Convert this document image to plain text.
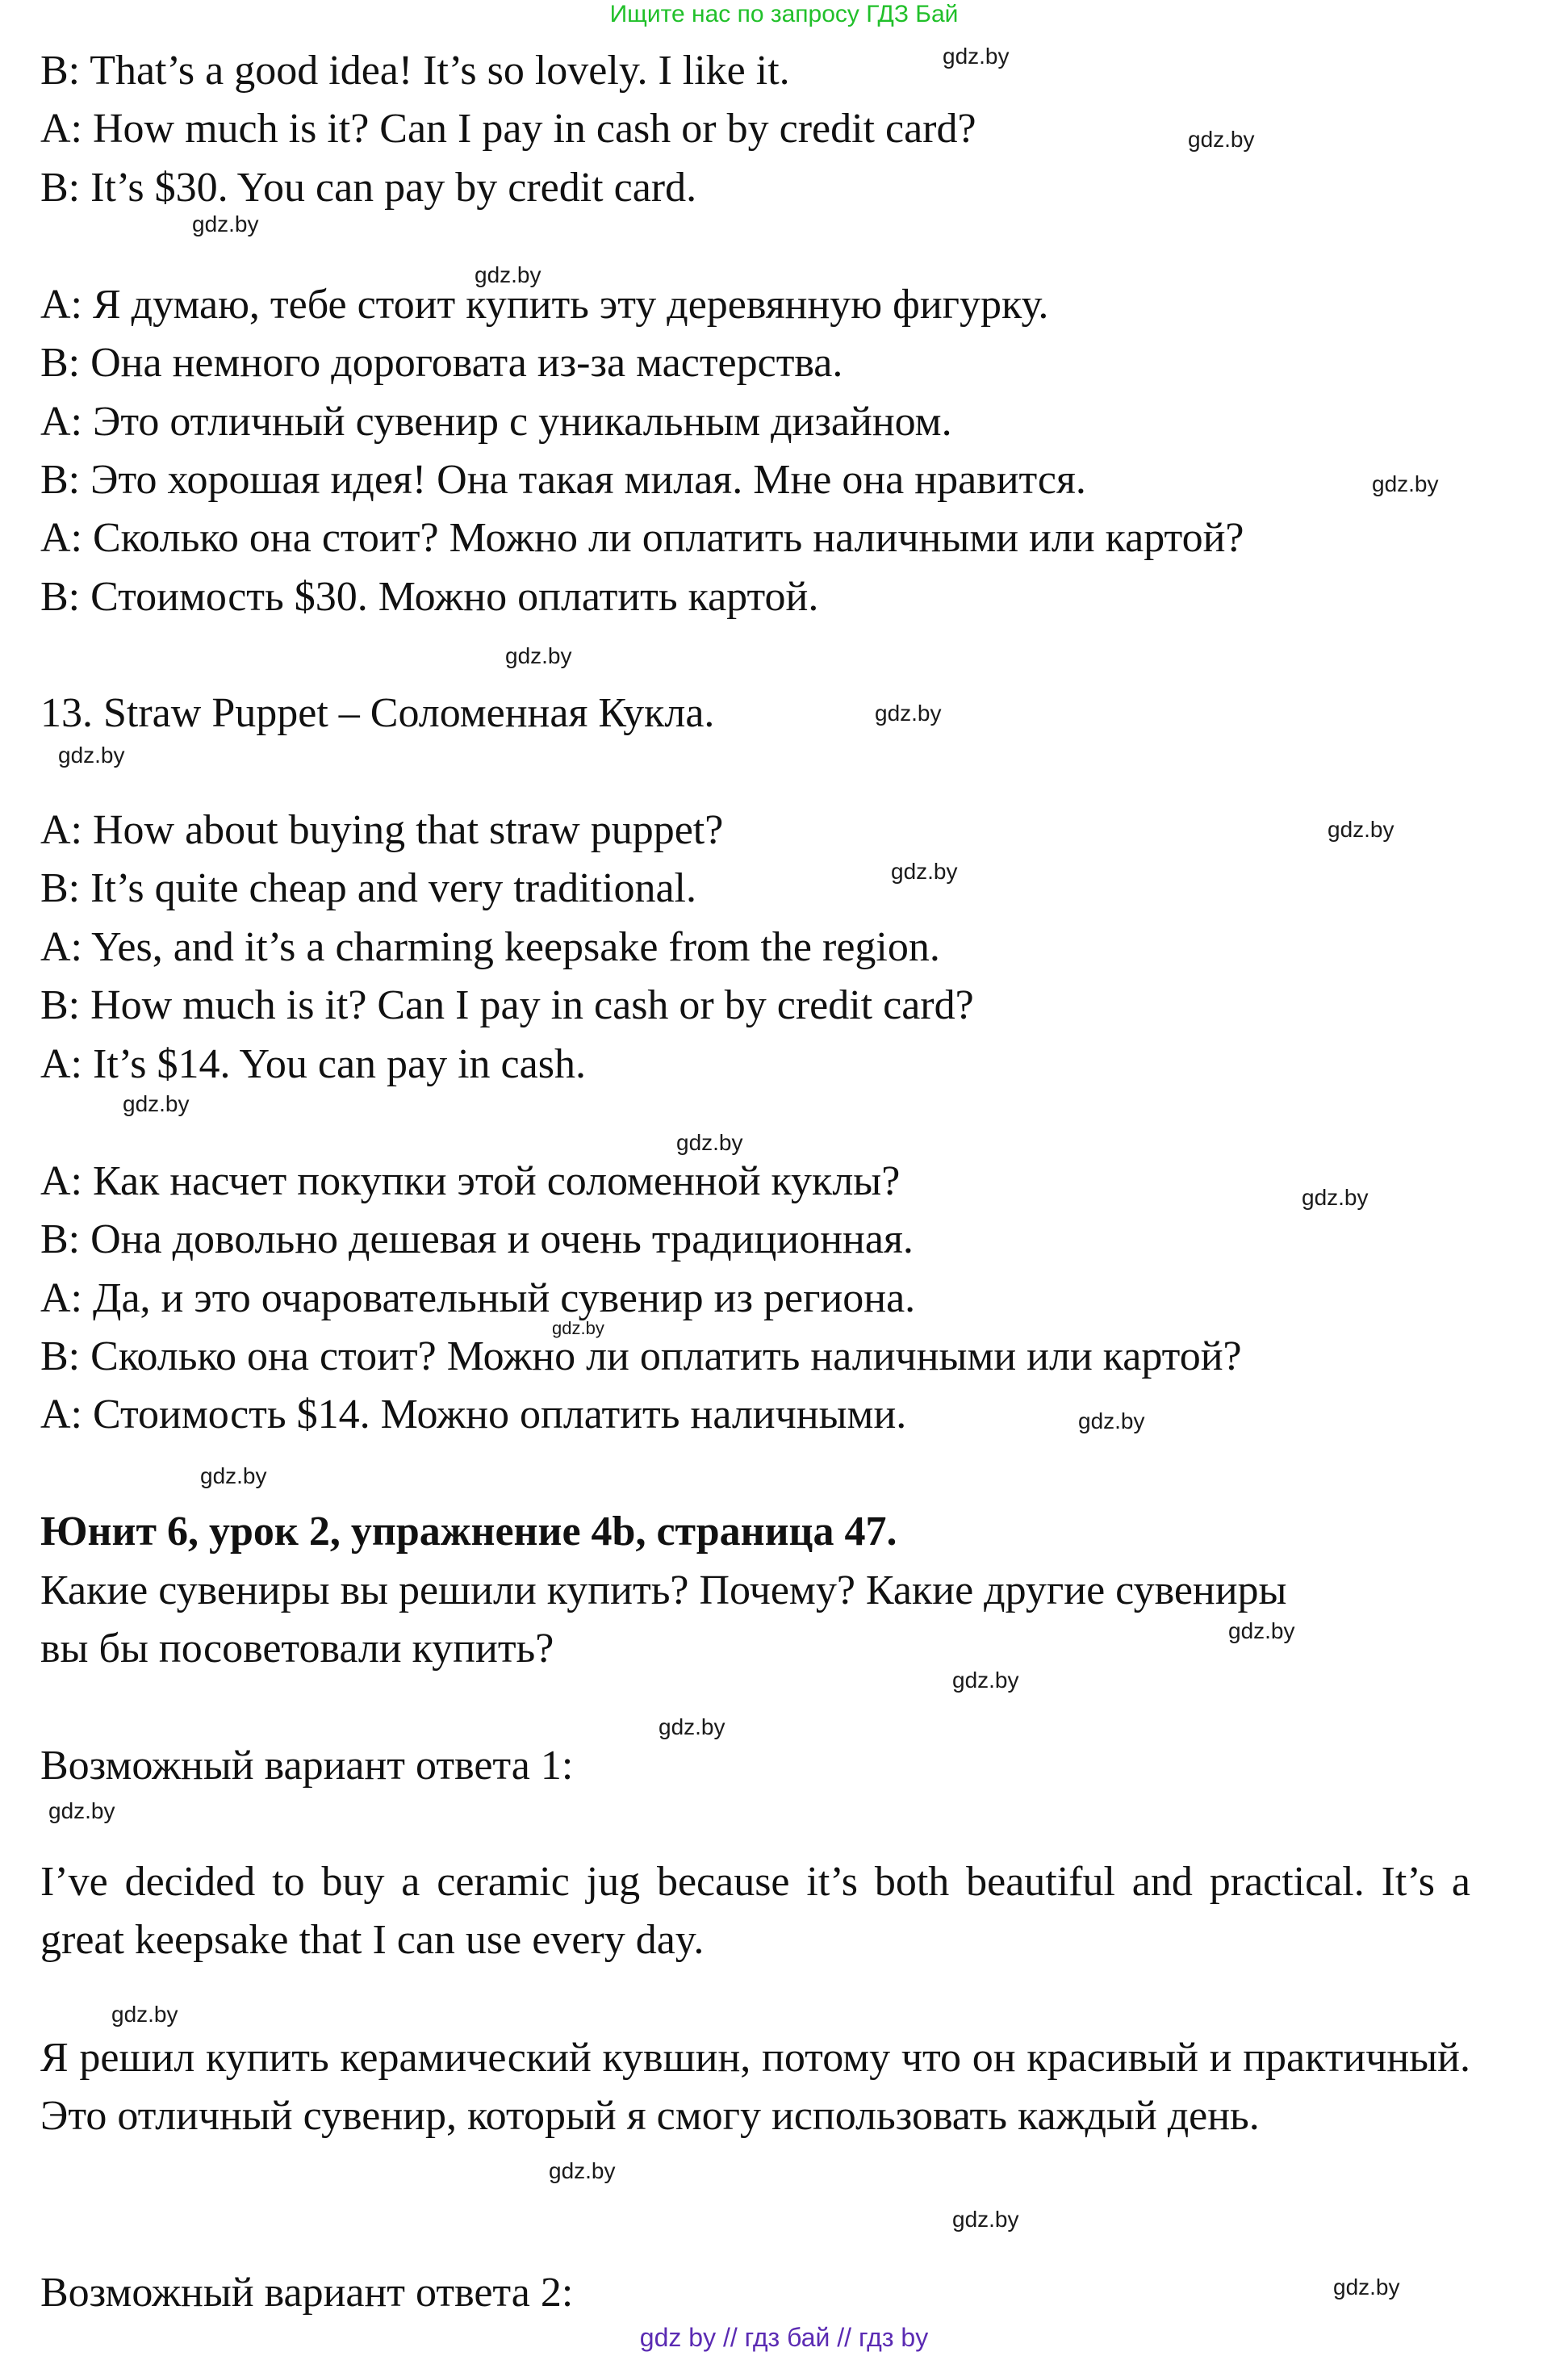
Ищите нас по запросу ГДЗ Бай
B: That’s a good idea! It’s so lovely. I like it.
A: How much is it? Can I pay in cash or by credit card?
B: It’s $30. You can pay by credit card.
A: Я думаю, тебе стоит купить эту деревянную фигурку.
B: Она немного дороговата из-за мастерства.
A: Это отличный сувенир с уникальным дизайном.
B: Это хорошая идея! Она такая милая. Мне она нравится.
A: Сколько она стоит? Можно ли оплатить наличными или картой?
B: Стоимость $30. Можно оплатить картой.
13. Straw Puppet – Соломенная Кукла.
A: How about buying that straw puppet?
B: It’s quite cheap and very traditional.
A: Yes, and it’s a charming keepsake from the region.
B: How much is it? Can I pay in cash or by credit card?
A: It’s $14. You can pay in cash.
A: Как насчет покупки этой соломенной куклы?
B: Она довольно дешевая и очень традиционная.
A: Да, и это очаровательный сувенир из региона.
B: Сколько она стоит? Можно ли оплатить наличными или картой?
A: Стоимость $14. Можно оплатить наличными.
Юнит 6, урок 2, упражнение 4b, страница 47.
Какие сувениры вы решили купить? Почему? Какие другие сувениры
вы бы посоветовали купить?
Возможный вариант ответа 1:
I’ve decided to buy a ceramic jug because it’s both beautiful and practical. It’s a great keepsake that I can use every day.
Я решил купить керамический кувшин, потому что он красивый и практичный. Это отличный сувенир, который я смогу использовать каждый день.
Возможный вариант ответа 2:
gdz.by
gdz.by
gdz.by
gdz.by
gdz.by
gdz.by
gdz.by
gdz.by
gdz.by
gdz.by
gdz.by
gdz.by
gdz.by
gdz.by
gdz.by
gdz.by
gdz.by
gdz.by
gdz.by
gdz.by
gdz.by
gdz.by
gdz.by
gdz.by
gdz by // гдз бай // гдз by
